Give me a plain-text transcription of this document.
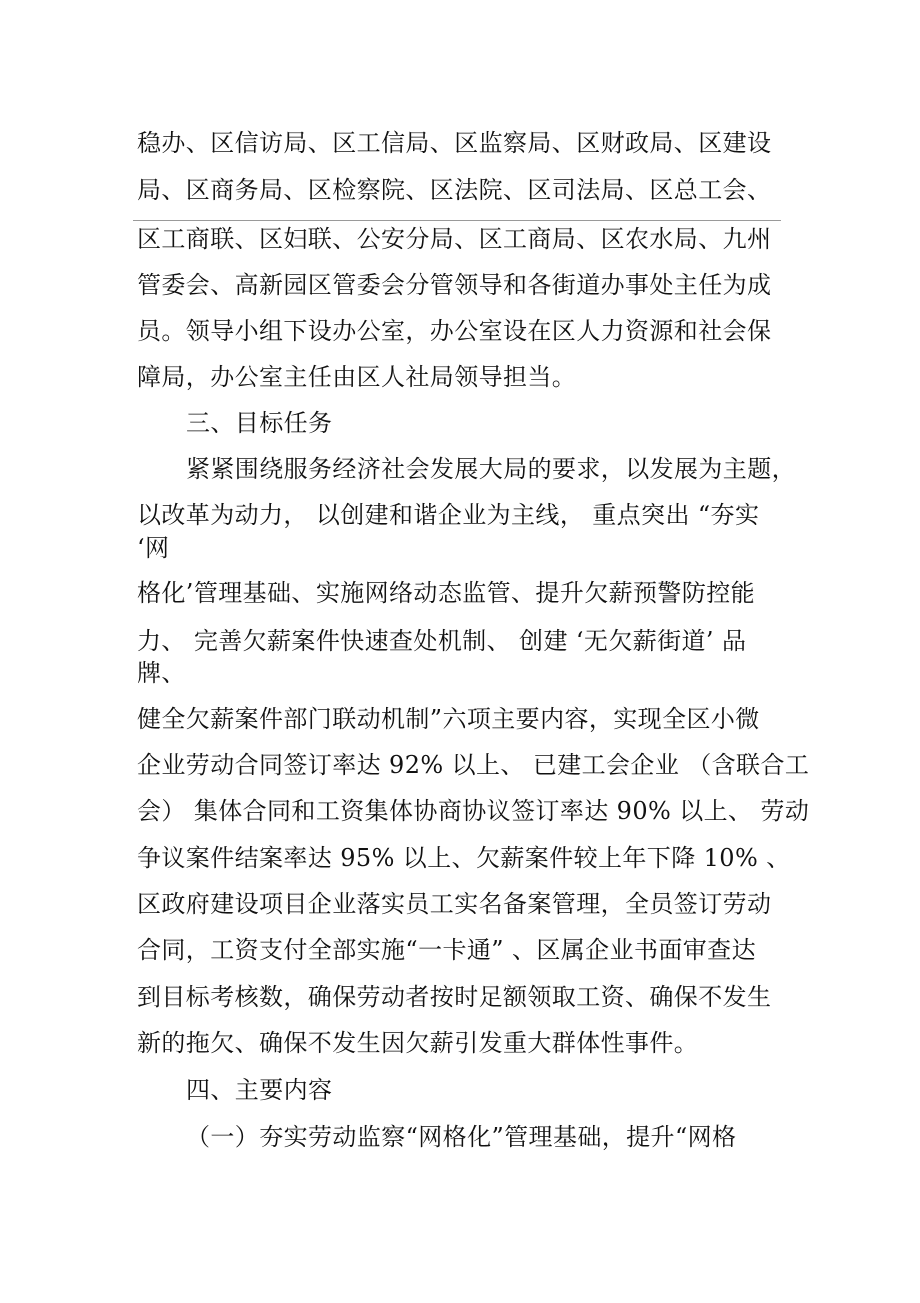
稳办、区信访局、区工信局、区监察局、区财政局、区建设
局、区商务局、区检察院、区法院、区司法局、区总工会、
区工商联、区妇联、公安分局、区工商局、区农水局、九州
管委会、高新园区管委会分管领导和各街道办事处主任为成
员。领导小组下设办公室，办公室设在区人力资源和社会保
障局，办公室主任由区人社局领导担当。
三、目标任务
紧紧围绕服务经济社会发展大局的要求，以发展为主题，
以改革为动力， 以创建和谐企业为主线， 重点突出 “夯实
‘网
格化’管理基础、实施网络动态监管、提升欠薪预警防控能
力、 完善欠薪案件快速查处机制、 创建 ‘无欠薪街道’ 品
牌、
健全欠薪案件部门联动机制”六项主要内容，实现全区小微
企业劳动合同签订率达 92% 以上、 已建工会企业 （含联合工
会） 集体合同和工资集体协商协议签订率达 90% 以上、 劳动
争议案件结案率达 95% 以上、欠薪案件较上年下降 10% 、
区政府建设项目企业落实员工实名备案管理，全员签订劳动
合同，工资支付全部实施“一卡通” 、区属企业书面审查达
到目标考核数，确保劳动者按时足额领取工资、确保不发生
新的拖欠、确保不发生因欠薪引发重大群体性事件。
四、主要内容
（一）夯实劳动监察“网格化”管理基础，提升“网格
